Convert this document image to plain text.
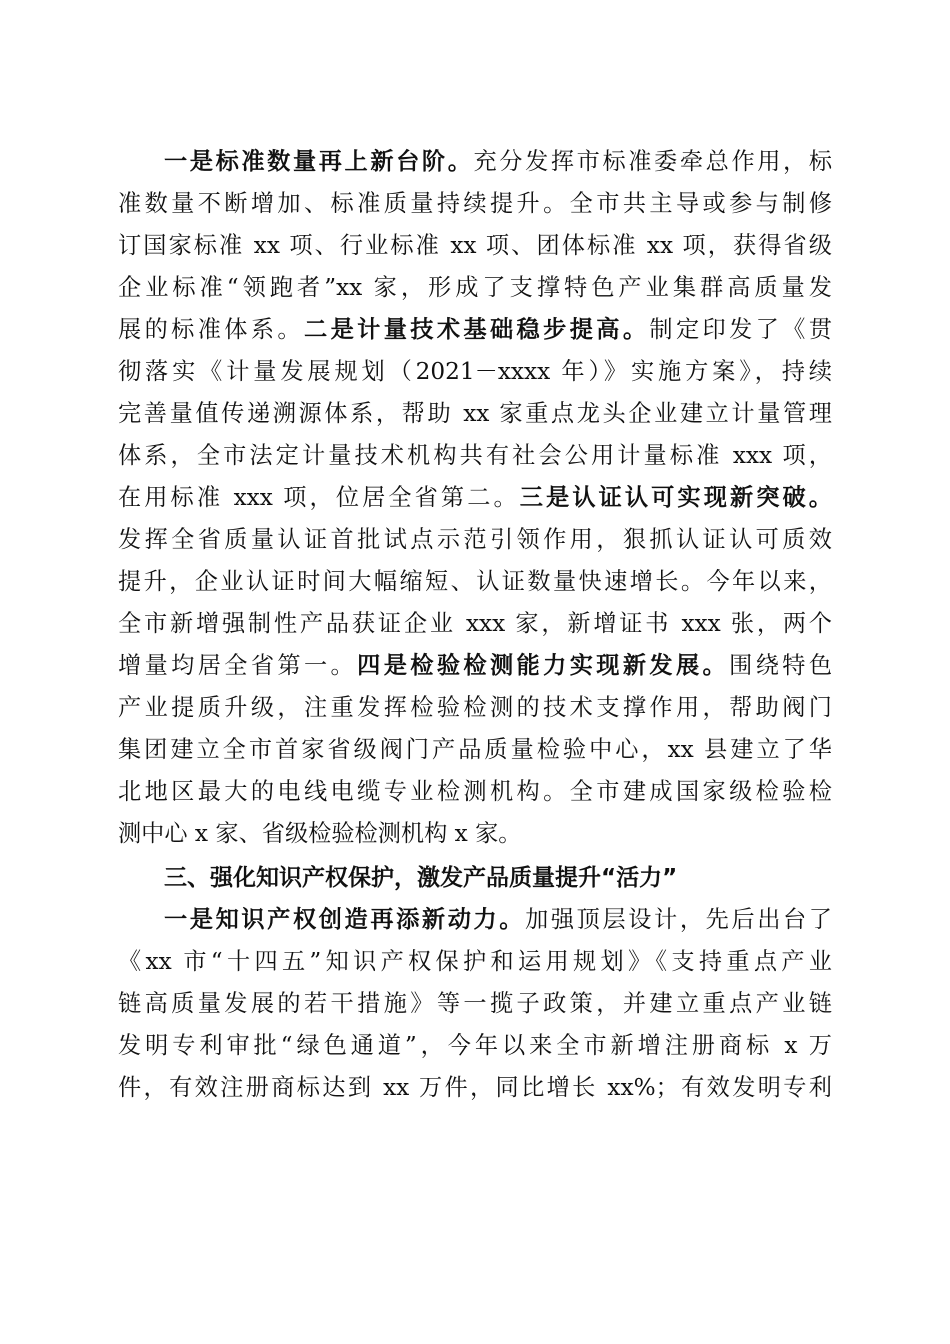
一是标准数量再上新台阶。充分发挥市标准委牵总作用，标
准数量不断增加、标准质量持续提升。全市共主导或参与制修
订国家标准 xx 项、行业标准 xx 项、团体标准 xx 项，获得省级
企业标准“领跑者”xx 家，形成了支撑特色产业集群高质量发
展的标准体系。二是计量技术基础稳步提高。制定印发了《贯
彻落实《计量发展规划（2021－xxxx 年）》实施方案》，持续
完善量值传递溯源体系，帮助 xx 家重点龙头企业建立计量管理
体系，全市法定计量技术机构共有社会公用计量标准 xxx 项，
在用标准 xxx 项，位居全省第二。三是认证认可实现新突破。
发挥全省质量认证首批试点示范引领作用，狠抓认证认可质效
提升，企业认证时间大幅缩短、认证数量快速增长。今年以来，
全市新增强制性产品获证企业 xxx 家，新增证书 xxx 张，两个
增量均居全省第一。四是检验检测能力实现新发展。围绕特色
产业提质升级，注重发挥检验检测的技术支撑作用，帮助阀门
集团建立全市首家省级阀门产品质量检验中心，xx 县建立了华
北地区最大的电线电缆专业检测机构。全市建成国家级检验检
测中心 x 家、省级检验检测机构 x 家。
三、强化知识产权保护，激发产品质量提升“活力”
一是知识产权创造再添新动力。加强顶层设计，先后出台了
《xx 市“十四五”知识产权保护和运用规划》《支持重点产业
链高质量发展的若干措施》等一揽子政策，并建立重点产业链
发明专利审批“绿色通道”，今年以来全市新增注册商标 x 万
件，有效注册商标达到 xx 万件，同比增长 xx%；有效发明专利
